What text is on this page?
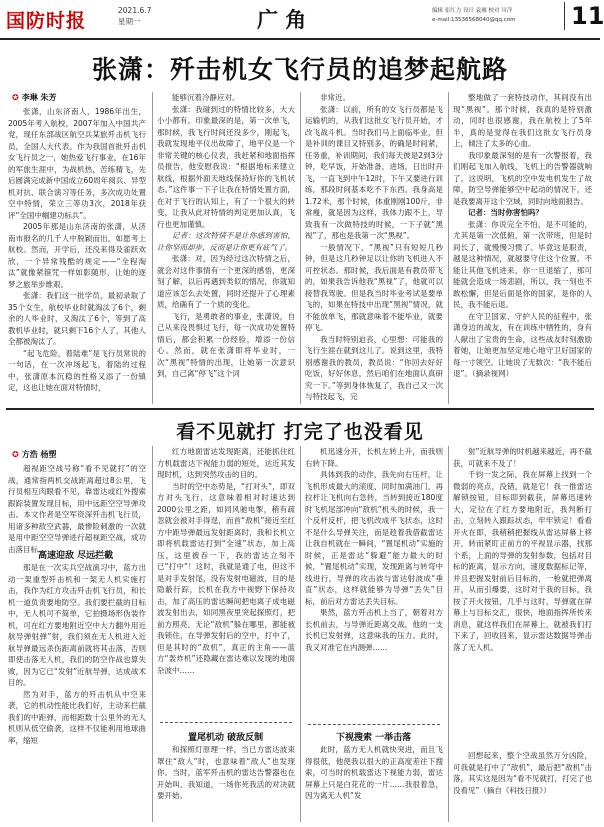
国防时报	2021.6.7
星期一	广 角	编辑 崔红力 设计 袁雁 校对 川洋
e-mail:13536568040@qq.com 11
张潇：歼击机女飞行员的追梦起航路
✪ 李琳 朱芳

张潇，山东济南人，1986年出生，2005年考入航校，2007年加入中国共产党，现任东部战区航空兵某旅歼击机飞行员，全国人大代表。作为我国首批歼击机女飞行员之一，她热爱飞行事业，在16年的军旅生涯中，为战机热，苦练精飞，先后圆满完成新中国成立60周年阅兵、异型机对抗、联合演习等任务，多次成功处置空中特情，荣立三等功3次，2018年获评“全国中帼建功标兵”。

2005年那是山东济南的张潇，从济南市报名的几千人中脱颖而出，如愿考上航校。然而，开学后，还没来得及雀跃欢欣，一个异常残酷的规定——“全程淘汰”就像紧箍咒一样如影随形，让她的逐梦之旅举步维艰。

张潇：我们这一批学员，最初录取了35个女生，航校毕业时就淘汰了6个，剩余的人毕业时，又淘汰了6个，等到了高教机毕业时，就只剩下16个人了，其他人全都被淘汰了。

“起飞危险，着陆难”是飞行员常说的一句话，在一次冲场起飞，着陆的过程中，张潇原本沉稳的性格又添了一份镇定，这也让她在面对特情时，

能够沉着冷静应对。

张潇：我碰到过的特情比较多，大大小小都有。印象最深的是，第一次单飞，那时候，我飞行时间还没多少，刚起飞，我就发现地平仪出故障了，地平仪是一个非常关键的核心仪表，我赶紧和地面指挥员报告，他安慰我说：“根据地标来建立航线，根据外面天地线保持好你的飞机状态。”这件事一下子让我在特情处置方面，在对于飞行的认知上，有了一个很大的转变，让我从此对特情的判定更加认真，飞行也更加谨慎。

记者：这次特情不是让你感到害怕，让你坚而却步，反而是让你更有底气了。

张潇：对，因为经过这次特情之后，就会对这件事情有一个更深的感悟，更深刻了解，以后再遇到类似的情况，你就知道应该怎么去处置，同时还提升了心理素质，给确有了一个质的变化。

飞行，是勇敢者的事业，张潇说，自己从来没畏惧过飞行，每一次成功处置特情后，都会积累一份经验，增添一份信心。然而，就在张潇即将毕业时，一次“黑视”特情的出现，让她第一次意识到，自己离“停飞”这个词

非常近。

张潇：以前，所有的女飞行员都是飞运输机的，从我们这批女飞行员开始，才改飞战斗机。当时我们马上面临毕业，但是补训的课目又特别多，的确是时间紧，任务重，补训期间，我们每天彼是2到3分钟，吃早饭，开始准备，进场，日出时开飞，一直飞到中午12时，下午又要进行训练，那段时间基本吃不下东西。我身高是1.72米，那个时候，体重刚刚100斤，非常瘦，就是因为这样，我体力跟不上，导致我有一次做特技的时候，一下子就“黑视”了，那也是我第一次“黑视”。

一般情况下，“黑视”只有短短几秒钟，但是这几秒钟足以让你的飞机进入不可控状态。那时候，我后面是有教员带飞的，如果我告诉他我“黑视”了，他就可以接替我驾驶。但是我当时毕业考试是要单飞的，如果在特技中出现“黑视”情况，就不能放单飞，那就意味着不能毕业，就要停飞。

我当时特别迫丧，心里想：可能我的飞行生涯在就到这儿了。说到这里，我特别感谢我的教员，教员说：“你回去好好吃饭，好好休息，然后咱们在地面认真研究一下。”等到身体恢复了，我自己又一次与特技起飞，完

整地做了一套特技动作，其间没有出现“黑视”。那个时候，我真的是特别激动，同时也很感谢，我在航校上了5年半，真的是觉得在我们这批女飞行员身上，倾注了太多的心血。

我印象最深刻的是有一次警报着，我们刚起飞加入航线，飞机上的告警器就响了，这说明，飞机的空中发电机发生了故障，防空导弹能够空中起动的情况下，还是我要离开这个空域，同时向地面报告。

记者：当时你害怕吗？

张潇：你说完全不怕，是不可能的，尤其是第一次低俯，第一次带班，但是时间长了，就慢慢习惯了。毕竟这是职责，越是这种情况，就越要守住这个位置。不能让其他飞机进来，你一旦退缩了，那可能就会造成一场悲剧，所以，我一刻也不敢松懈，但是后面是你的国家，是你的人民，我不能后退。

在守卫国家、守护人民的征程中，张潇身边的战友，有在训练中牺牲的，身有人献出了宝贵的生命，这些战友时刻激励着她，让她更加坚定地心地守卫好国家的每一寸领空。让她说了无数次：“我不能后退”。（摘录视网）

看不见就打 打完了也没看见
✪ 方浩 杨塑

超视距空战号称“看不见就打”的空战，通常指两机交战距离超过8公里，飞行员相互肉眼看不见，靠雷达或红外搜索跟踪装置发现目标，用中远距空空导弹攻击。本文作者是空军资深歼击机飞行员，用诸多种敌空武器，最惨险刺激的一次就是用中距空空导弹进行超视距空战，成功击落目标。

高速迎敌 尽远拦截

那是在一次实兵空战演习中，蓝方出动一架重型歼击机和一架无人机实施打击，我作为红方攻击歼击机飞行员，和长机一道负责要地防空。我们要拦截的目标中，无人机可不简单，它拍摄场形伪装作机，可在红方要地附近空中大力翻外用近航导弹射弹”射，我们须在无人机进入近航导弹最远杀伤距离前就将其击落，否则即使击落无人机，我们的防空作战也算失败，因为它已“发射”近航导弹，达成战术目的。

然为对手，蓝方的歼击机从中空来袭，它的机动性能比我们好，主动来拦截我们的中距弹，而相距数十公里外的无人机则从低空偷袭，这样不仅能利用地球曲率，缩短

红方地面雷达发现距离，还能抓住红方机载雷达下视能力弱的短处，达近其发现时机，达到突然攻击的目的。

当时的空中态势是，“打对头”，即双方对头飞行，这意味着相对时速达到2000公里之距，如同风驰电掣，稍有疏忽就会被对手得逞，而首“敌机”接近至红方中距导弹最远发射距离时，我和长机立即将机载雷达打到“全速”状态，加上高压，这里被吞一下，我的雷达立刻不已“打中”！这时，我就是通了电，但这不是对手发射尾，没有发射电磁波，目的是隐蔽行踪，长机在我方中视野下保持攻击，加了高压的雷达瞬间把电离子成电磁波发射出去，如同黑夜里突起探照灯，把前方照亮，无论“敌机”躲在哪里，都能被我锁住，在导弹发射后的空中，打中了，但是其时的“敌机”，真正的主角——蓝方“轰炸机”还隐藏在雷达难以发现的地面杂波中……

置尾机动 破敌反制

和探照灯原理一样，当已方雷达波束罩住“敌人”时，也意味着“敌人”也发现你。当时，蓝军歼击机的雷达告警器也在开始叫，我知道，一场你死我活的对决就要开始。

机迅速分开，长机左转上升，而我则右转下降。

具体到我的动作，我先向右压杆，让飞机形成最大的滚度，同时加满油门，再拉杆让飞机向右急转，当转到接近180度时飞机尾部冲向“敌机”机头的时候，我一个反杆反杆，把飞机改成平飞状态，这时不是什么导弹关注，而是趁着我借截雷达让我自机就在一瞬间，“置尾机动”实施的时候，正是雷达“躲避”能力最大的时候，“置尾机动”实现，发现距离与转弯中线进行，导弹的攻击波与雷达射波成“垂直”状态，这样就能够为导弹“丢失”目标，前后对方雷达丢失目标。

果然，蓝方歼击机上当了，朝着对方长机前去，与导弹近距离交战，他的一支长机已发射弹，这意味我的压力。此时，我又对准它在内测弹……

下视搜索 一举击落

此时，蓝方无人机就快突进，而且飞得很低，他使我以很大的正高度差往下搜索，可当时的机载雷达下视能力弱，雷达屏幕上只是白花花的一片……我很着急，因为离无人机“发

射”近航导弹的时机越来越近，再不截获，可就来不及了！

千钧一发之际，我在屏幕上找到一个微弱的亮点，没错，就是它！我一推雷达解锁按钮，目标即到截获，屏幕迅速转大，定位在了红方要地附近，我判断打击，立刻转入跟踪状态，牢牢锁定！看看开火在即，我稍稍把握线从雷达屏幕上移开，转而紧盯正前方的平视显示器，找那个系，上面的导弹的发射参数，包括对目标的距离，显示方向，速度数据标记等，并且把握发射前后目标的，一枪就把弹离开，从而引爆要，这时对于我的目标，我按了开火按钮，几乎与这时，导弹就在屏幕上与目标交汇，很快，地面指挥所传来消息，就这样我们在屏幕上，就被我们打下来了，回收回来，显示雷达数据导弹击落了无人机。

回想起来，整个空战虽然万分凶险，可我就是打中了“敌机”，最后把“敌机”击落，其实这是因为“看不见就打，打完了也没看见”（摘自《科技日报》）
